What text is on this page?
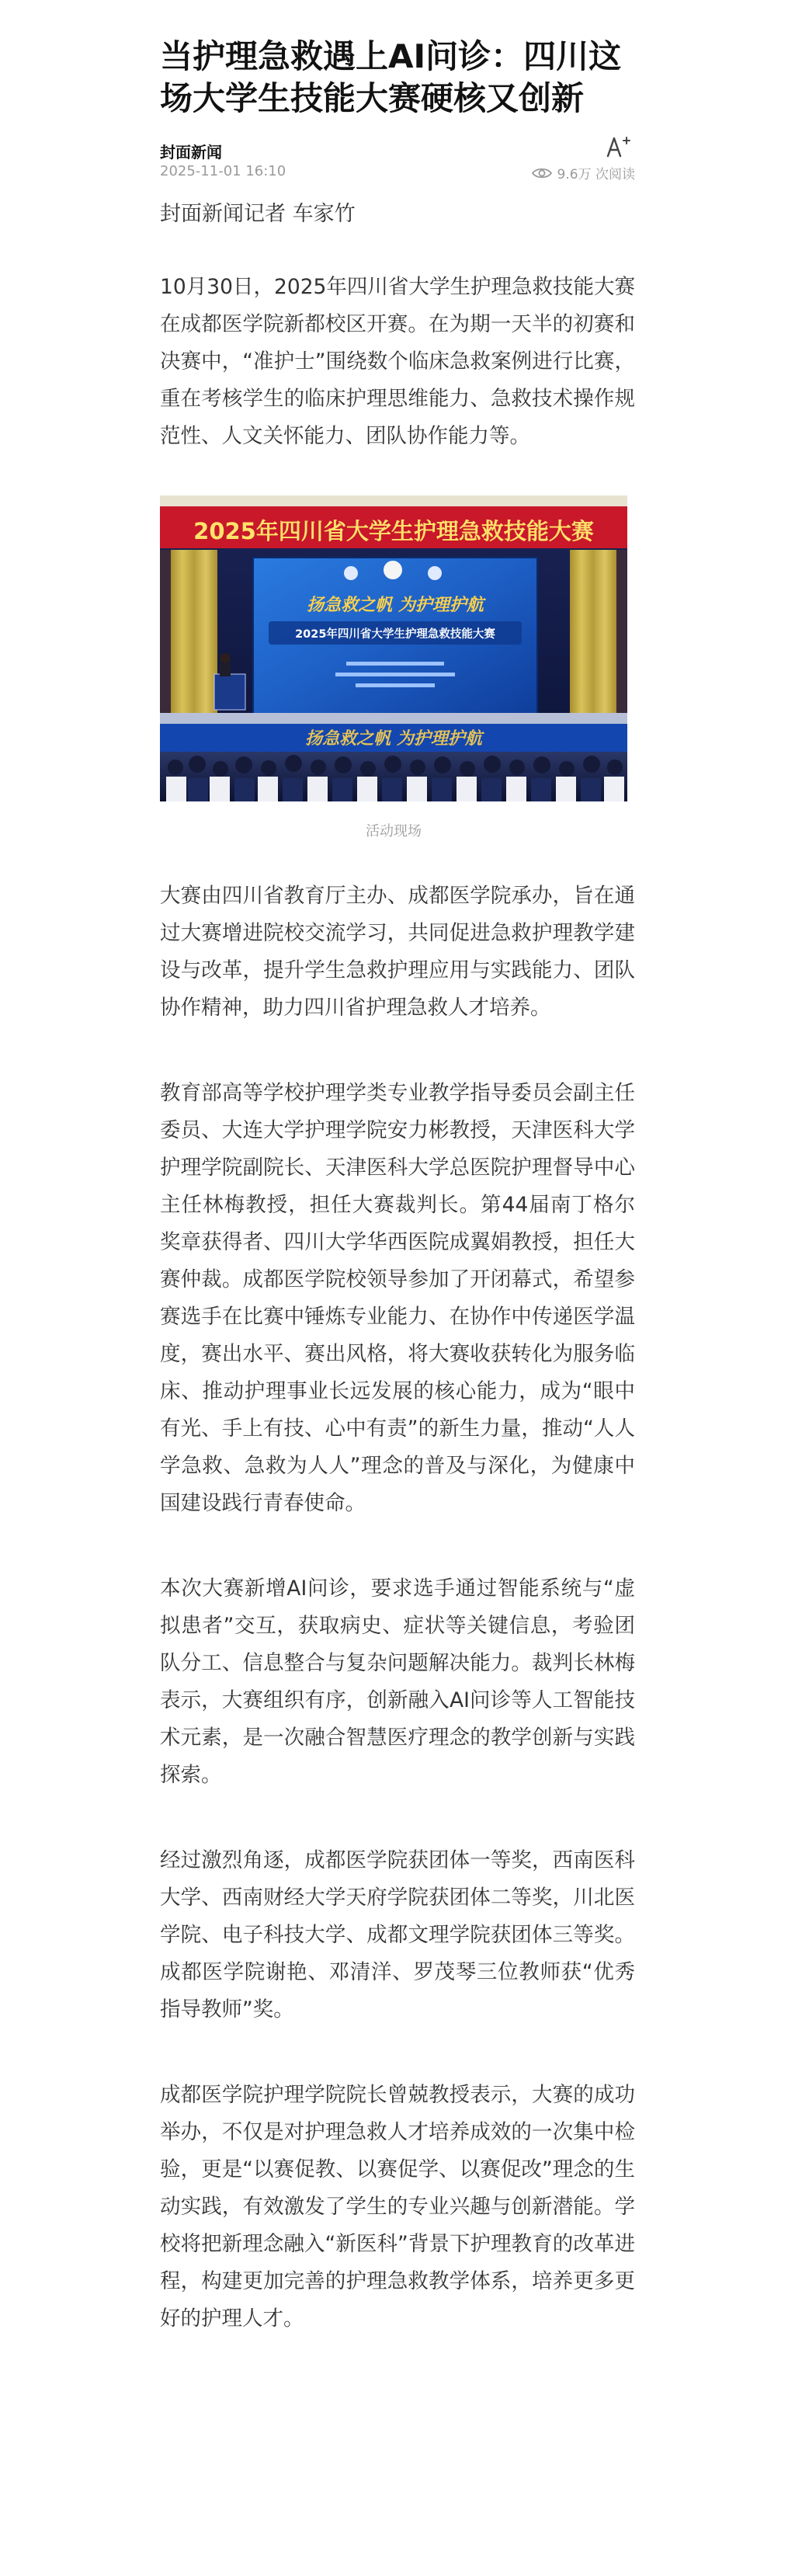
当护理急救遇上AI问诊：四川这场大学生技能大赛硬核又创新
封面新闻
2025-11-01 16:10	9.6万 次阅读
封面新闻记者 车家竹

10月30日，2025年四川省大学生护理急救技能大赛在成都医学院新都校区开赛。在为期一天半的初赛和决赛中，“准护士”围绕数个临床急救案例进行比赛，重在考核学生的临床护理思维能力、急救技术操作规范性、人文关怀能力、团队协作能力等。

2025年四川省大学生护理急救技能大赛
扬急救之帆 为护理护航
2025年四川省大学生护理急救技能大赛
扬急救之帆 为护理护航
活动现场

大赛由四川省教育厅主办、成都医学院承办，旨在通过大赛增进院校交流学习，共同促进急救护理教学建设与改革，提升学生急救护理应用与实践能力、团队协作精神，助力四川省护理急救人才培养。

教育部高等学校护理学类专业教学指导委员会副主任委员、大连大学护理学院安力彬教授，天津医科大学护理学院副院长、天津医科大学总医院护理督导中心主任林梅教授，担任大赛裁判长。第44届南丁格尔奖章获得者、四川大学华西医院成翼娟教授，担任大赛仲裁。成都医学院校领导参加了开闭幕式，希望参赛选手在比赛中锤炼专业能力、在协作中传递医学温度，赛出水平、赛出风格，将大赛收获转化为服务临床、推动护理事业长远发展的核心能力，成为“眼中有光、手上有技、心中有责”的新生力量，推动“人人学急救、急救为人人”理念的普及与深化，为健康中国建设践行青春使命。

本次大赛新增AI问诊，要求选手通过智能系统与“虚拟患者”交互，获取病史、症状等关键信息，考验团队分工、信息整合与复杂问题解决能力。裁判长林梅表示，大赛组织有序，创新融入AI问诊等人工智能技术元素，是一次融合智慧医疗理念的教学创新与实践探索。

经过激烈角逐，成都医学院获团体一等奖，西南医科大学、西南财经大学天府学院获团体二等奖，川北医学院、电子科技大学、成都文理学院获团体三等奖。成都医学院谢艳、邓清洋、罗茂琴三位教师获“优秀指导教师”奖。

成都医学院护理学院院长曾兢教授表示，大赛的成功举办，不仅是对护理急救人才培养成效的一次集中检验，更是“以赛促教、以赛促学、以赛促改”理念的生动实践，有效激发了学生的专业兴趣与创新潜能。学校将把新理念融入“新医科”背景下护理教育的改革进程，构建更加完善的护理急救教学体系，培养更多更好的护理人才。
